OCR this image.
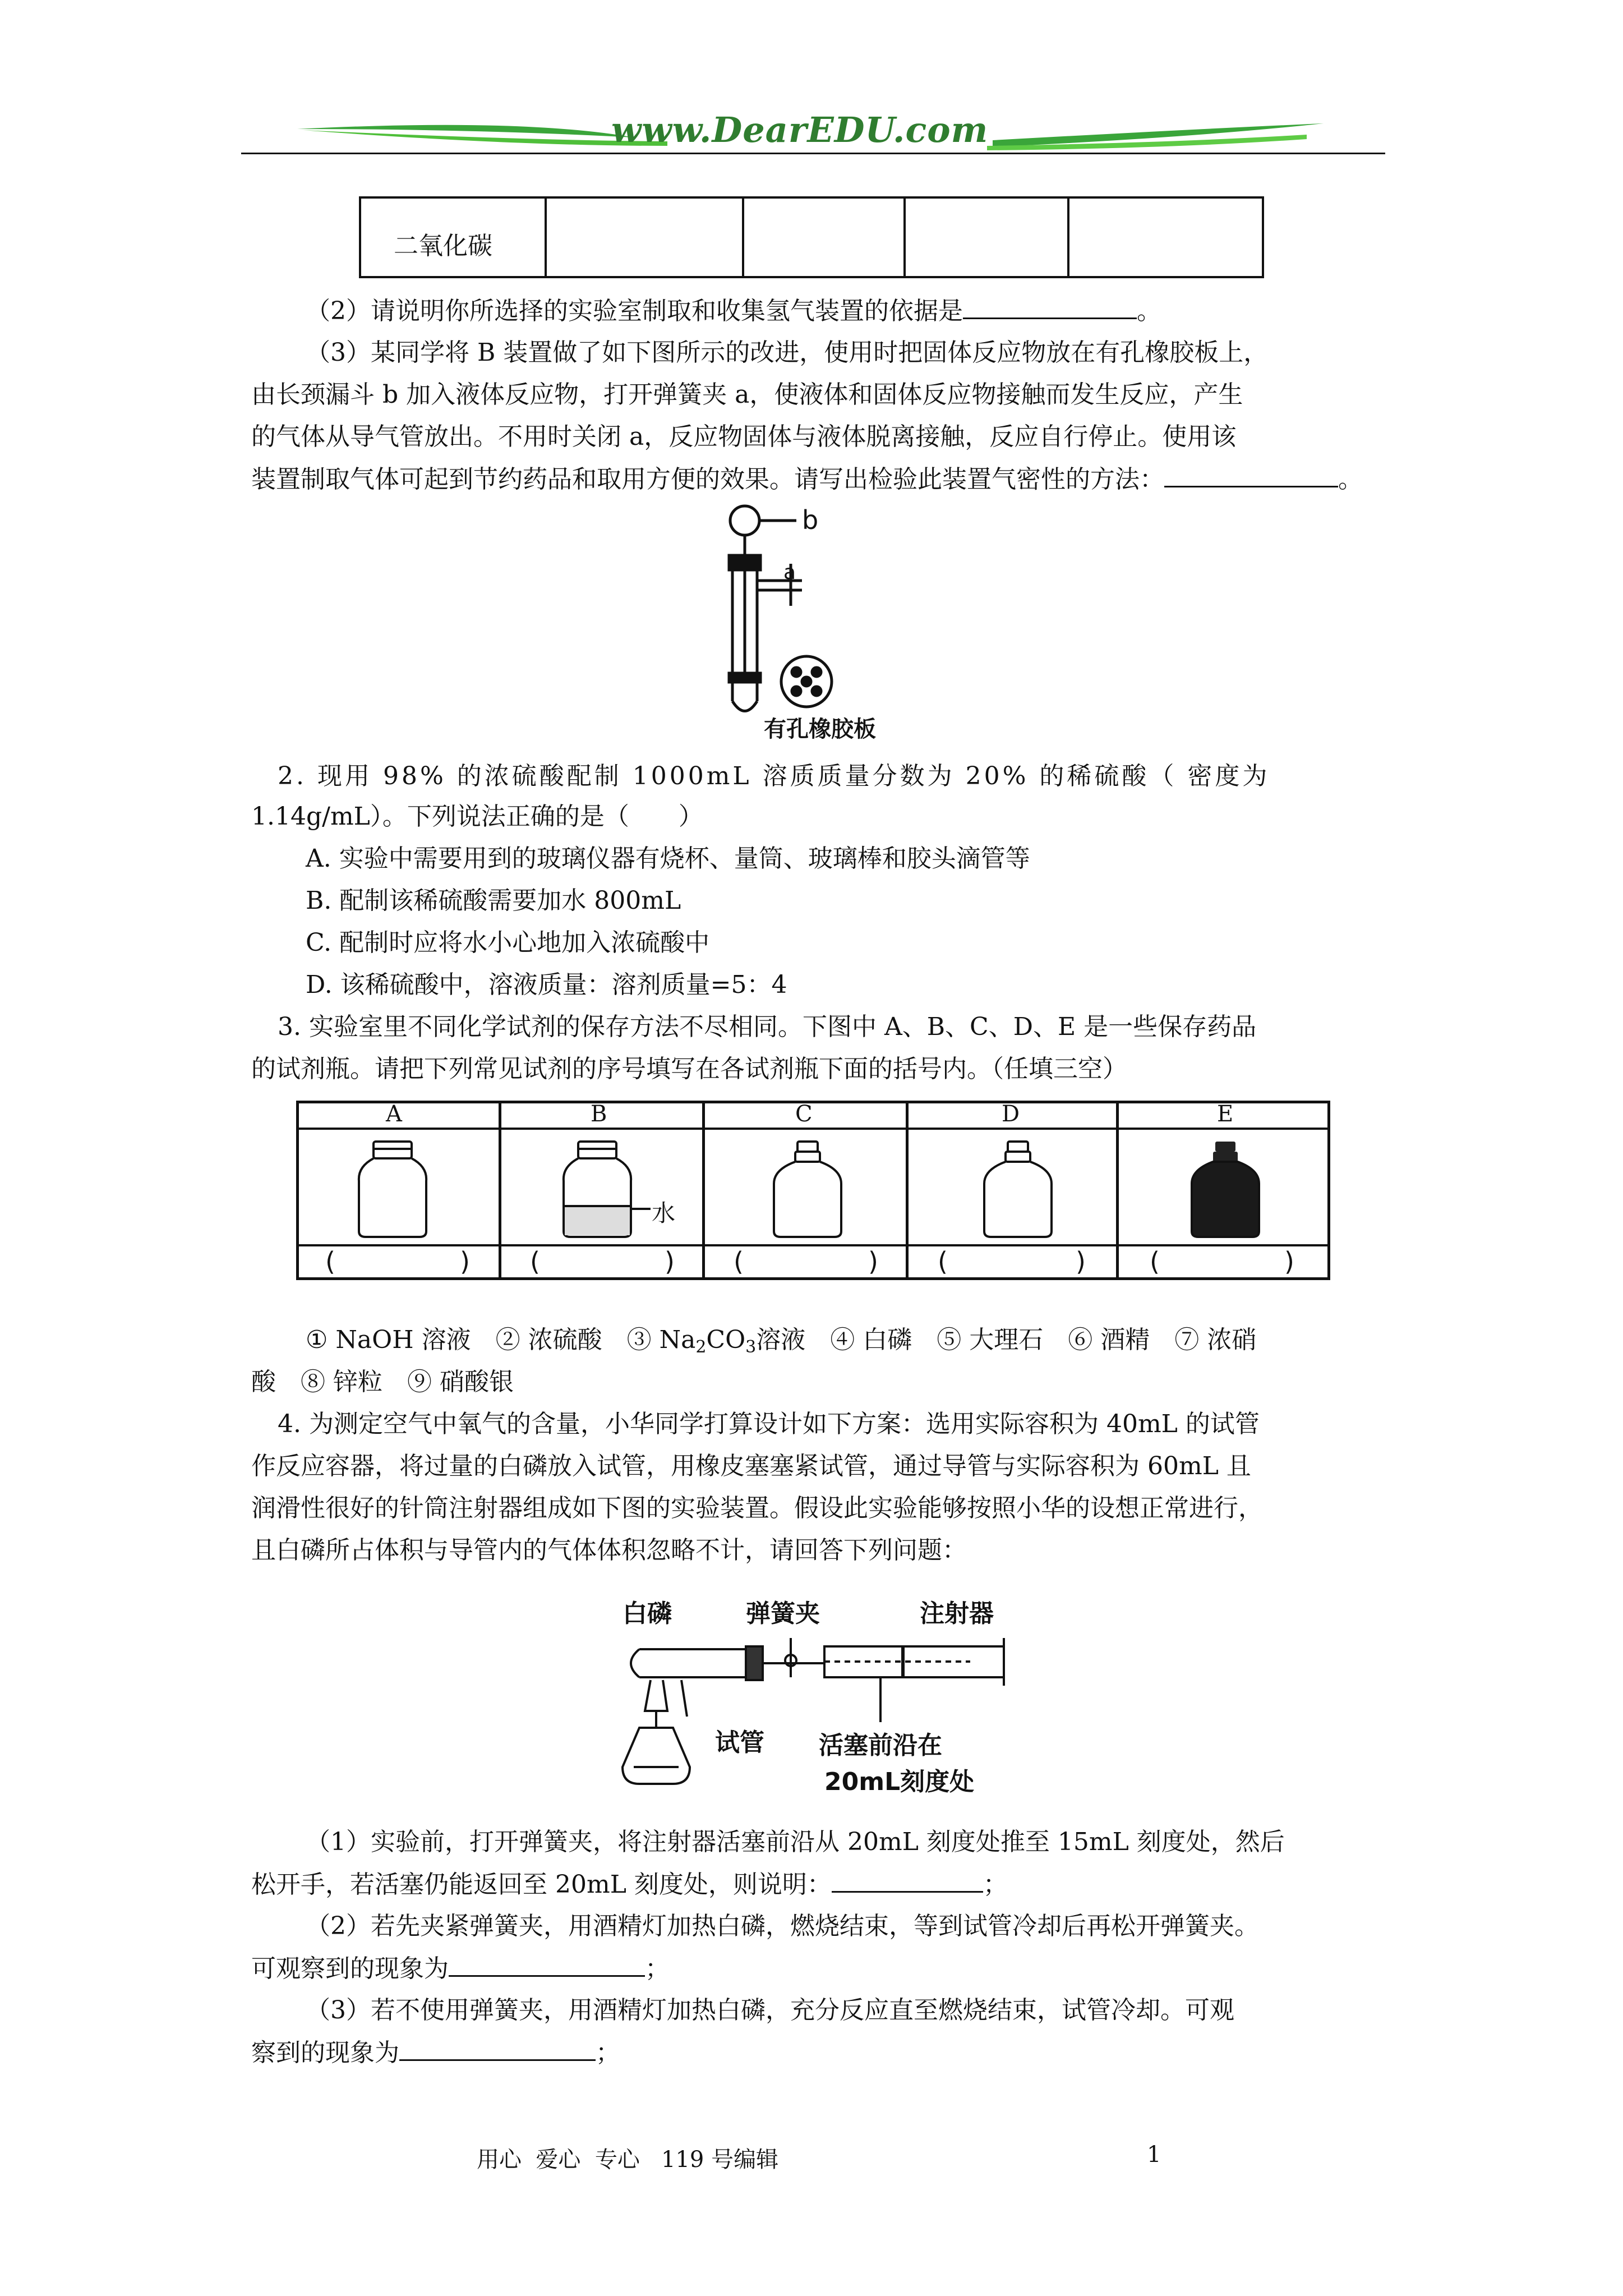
www.DearEDU.com
二氧化碳
（2）请说明你所选择的实验室制取和收集氢气装置的依据是	。
（3）某同学将 B 装置做了如下图所示的改进，使用时把固体反应物放在有孔橡胶板上，
由长颈漏斗 b 加入液体反应物，打开弹簧夹 a，使液体和固体反应物接触而发生反应，产生
的气体从导气管放出。不用时关闭 a，反应物固体与液体脱离接触，反应自行停止。使用该
装置制取气体可起到节约药品和取用方便的效果。请写出检验此装置气密性的方法：	。
b
a
有孔橡胶板
2. 现用 98% 的浓硫酸配制 1000mL 溶质质量分数为 20% 的稀硫酸（ 密度为
1.14g/mL）。下列说法正确的是（　　）
A. 实验中需要用到的玻璃仪器有烧杯、量筒、玻璃棒和胶头滴管等
B. 配制该稀硫酸需要加水 800mL
C. 配制时应将水小心地加入浓硫酸中
D. 该稀硫酸中，溶液质量：溶剂质量=5：4
3. 实验室里不同化学试剂的保存方法不尽相同。下图中 A、B、C、D、E 是一些保存药品
的试剂瓶。请把下列常见试剂的序号填写在各试剂瓶下面的括号内。（任填三空）
A	B	C	D	E
水
(	) (	) (	) (	) (	)
① NaOH 溶液　② 浓硫酸　③ $Na_2CO_3$溶液　④ 白磷　⑤ 大理石　⑥ 酒精　⑦ 浓硝
酸　⑧ 锌粒　⑨ 硝酸银
4. 为测定空气中氧气的含量，小华同学打算设计如下方案：选用实际容积为 40mL 的试管
作反应容器，将过量的白磷放入试管，用橡皮塞塞紧试管，通过导管与实际容积为 60mL 且
润滑性很好的针筒注射器组成如下图的实验装置。假设此实验能够按照小华的设想正常进行，
且白磷所占体积与导管内的气体体积忽略不计，请回答下列问题：
白磷	弹簧夹	注射器
试管 活塞前沿在
20mL刻度处
（1）实验前，打开弹簧夹，将注射器活塞前沿从 20mL 刻度处推至 15mL 刻度处，然后
松开手，若活塞仍能返回至 20mL 刻度处，则说明：	；
（2）若先夹紧弹簧夹，用酒精灯加热白磷，燃烧结束，等到试管冷却后再松开弹簧夹。
可观察到的现象为	；
（3）若不使用弹簧夹，用酒精灯加热白磷，充分反应直至燃烧结束，试管冷却。可观
察到的现象为	；
用心  爱心  专心   119 号编辑	1
